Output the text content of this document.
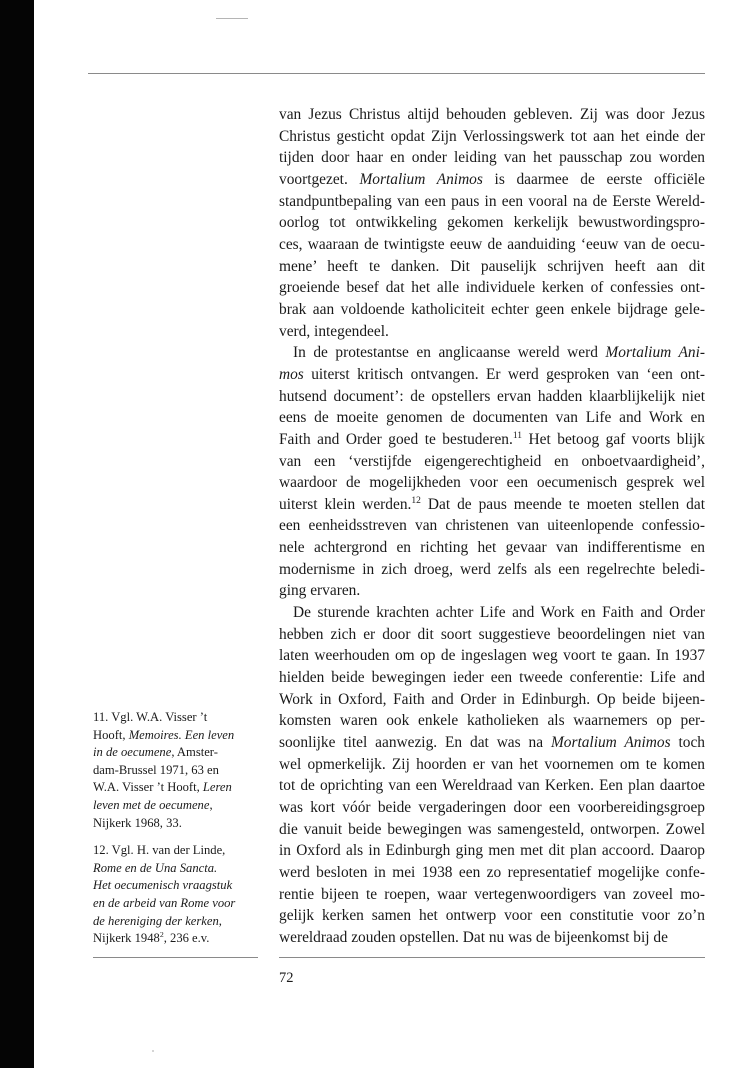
van Jezus Christus altijd behouden gebleven. Zij was door Jezus
Christus gesticht opdat Zijn Verlossingswerk tot aan het einde der
tijden door haar en onder leiding van het pausschap zou worden
voortgezet. Mortalium Animos is daarmee de eerste officiële
standpuntbepaling van een paus in een vooral na de Eerste Wereld-
oorlog tot ontwikkeling gekomen kerkelijk bewustwordingspro-
ces, waaraan de twintigste eeuw de aanduiding ‘eeuw van de oecu-
mene’ heeft te danken. Dit pauselijk schrijven heeft aan dit
groeiende besef dat het alle individuele kerken of confessies ont-
brak aan voldoende katholiciteit echter geen enkele bijdrage gele-
verd, integendeel.
In de protestantse en anglicaanse wereld werd Mortalium Ani-
mos uiterst kritisch ontvangen. Er werd gesproken van ‘een ont-
hutsend document’: de opstellers ervan hadden klaarblijkelijk niet
eens de moeite genomen de documenten van Life and Work en
Faith and Order goed te bestuderen.$^{11}$ Het betoog gaf voorts blijk
van een ‘verstijfde eigengerechtigheid en onboetvaardigheid’,
waardoor de mogelijkheden voor een oecumenisch gesprek wel
uiterst klein werden.$^{12}$ Dat de paus meende te moeten stellen dat
een eenheidsstreven van christenen van uiteenlopende confessio-
nele achtergrond en richting het gevaar van indifferentisme en
modernisme in zich droeg, werd zelfs als een regelrechte beledi-
ging ervaren.
De sturende krachten achter Life and Work en Faith and Order
hebben zich er door dit soort suggestieve beoordelingen niet van
laten weerhouden om op de ingeslagen weg voort te gaan. In 1937
hielden beide bewegingen ieder een tweede conferentie: Life and
Work in Oxford, Faith and Order in Edinburgh. Op beide bijeen-
komsten waren ook enkele katholieken als waarnemers op per-
soonlijke titel aanwezig. En dat was na Mortalium Animos toch
wel opmerkelijk. Zij hoorden er van het voornemen om te komen
tot de oprichting van een Wereldraad van Kerken. Een plan daartoe
was kort vóór beide vergaderingen door een voorbereidingsgroep
die vanuit beide bewegingen was samengesteld, ontworpen. Zowel
in Oxford als in Edinburgh ging men met dit plan accoord. Daarop
werd besloten in mei 1938 een zo representatief mogelijke confe-
rentie bijeen te roepen, waar vertegenwoordigers van zoveel mo-
gelijk kerken samen het ontwerp voor een constitutie voor zo’n
wereldraad zouden opstellen. Dat nu was de bijeenkomst bij de
11. Vgl. W.A. Visser ’t
Hooft, Memoires. Een leven
in de oecumene, Amster-
dam-Brussel 1971, 63 en
W.A. Visser ’t Hooft, Leren
leven met de oecumene,
Nijkerk 1968, 33.
12. Vgl. H. van der Linde,
Rome en de Una Sancta.
Het oecumenisch vraagstuk
en de arbeid van Rome voor
de hereniging der kerken,
Nijkerk 1948$^2$, 236 e.v.
72
